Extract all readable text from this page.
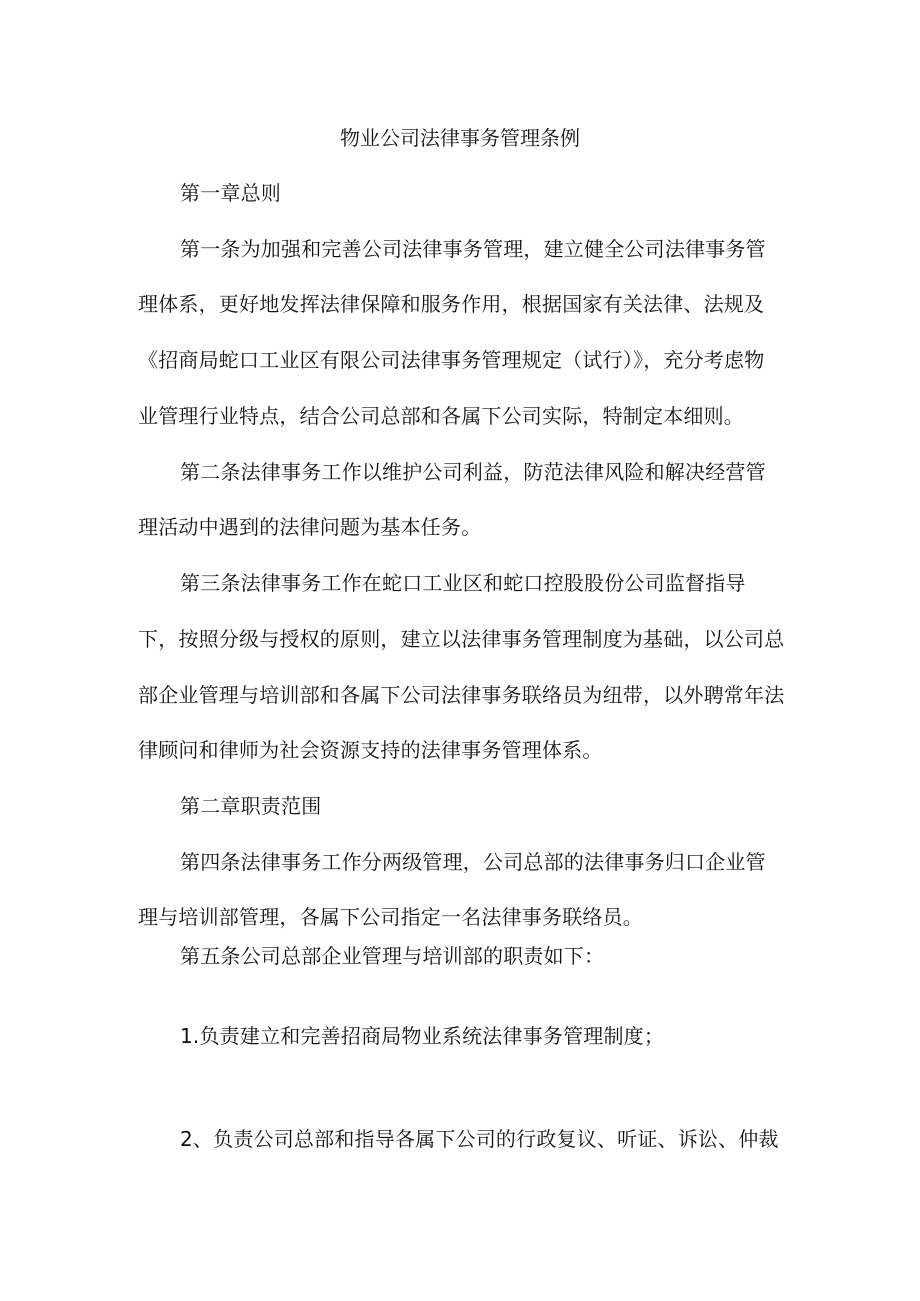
物业公司法律事务管理条例
第一章总则
第一条为加强和完善公司法律事务管理，建立健全公司法律事务管
理体系，更好地发挥法律保障和服务作用，根据国家有关法律、法规及
《招商局蛇口工业区有限公司法律事务管理规定（试行）》，充分考虑物
业管理行业特点，结合公司总部和各属下公司实际，特制定本细则。
第二条法律事务工作以维护公司利益，防范法律风险和解决经营管
理活动中遇到的法律问题为基本任务。
第三条法律事务工作在蛇口工业区和蛇口控股股份公司监督指导
下，按照分级与授权的原则，建立以法律事务管理制度为基础，以公司总
部企业管理与培训部和各属下公司法律事务联络员为纽带，以外聘常年法
律顾问和律师为社会资源支持的法律事务管理体系。
第二章职责范围
第四条法律事务工作分两级管理，公司总部的法律事务归口企业管
理与培训部管理，各属下公司指定一名法律事务联络员。
第五条公司总部企业管理与培训部的职责如下：
1.负责建立和完善招商局物业系统法律事务管理制度；
2、负责公司总部和指导各属下公司的行政复议、听证、诉讼、仲裁
